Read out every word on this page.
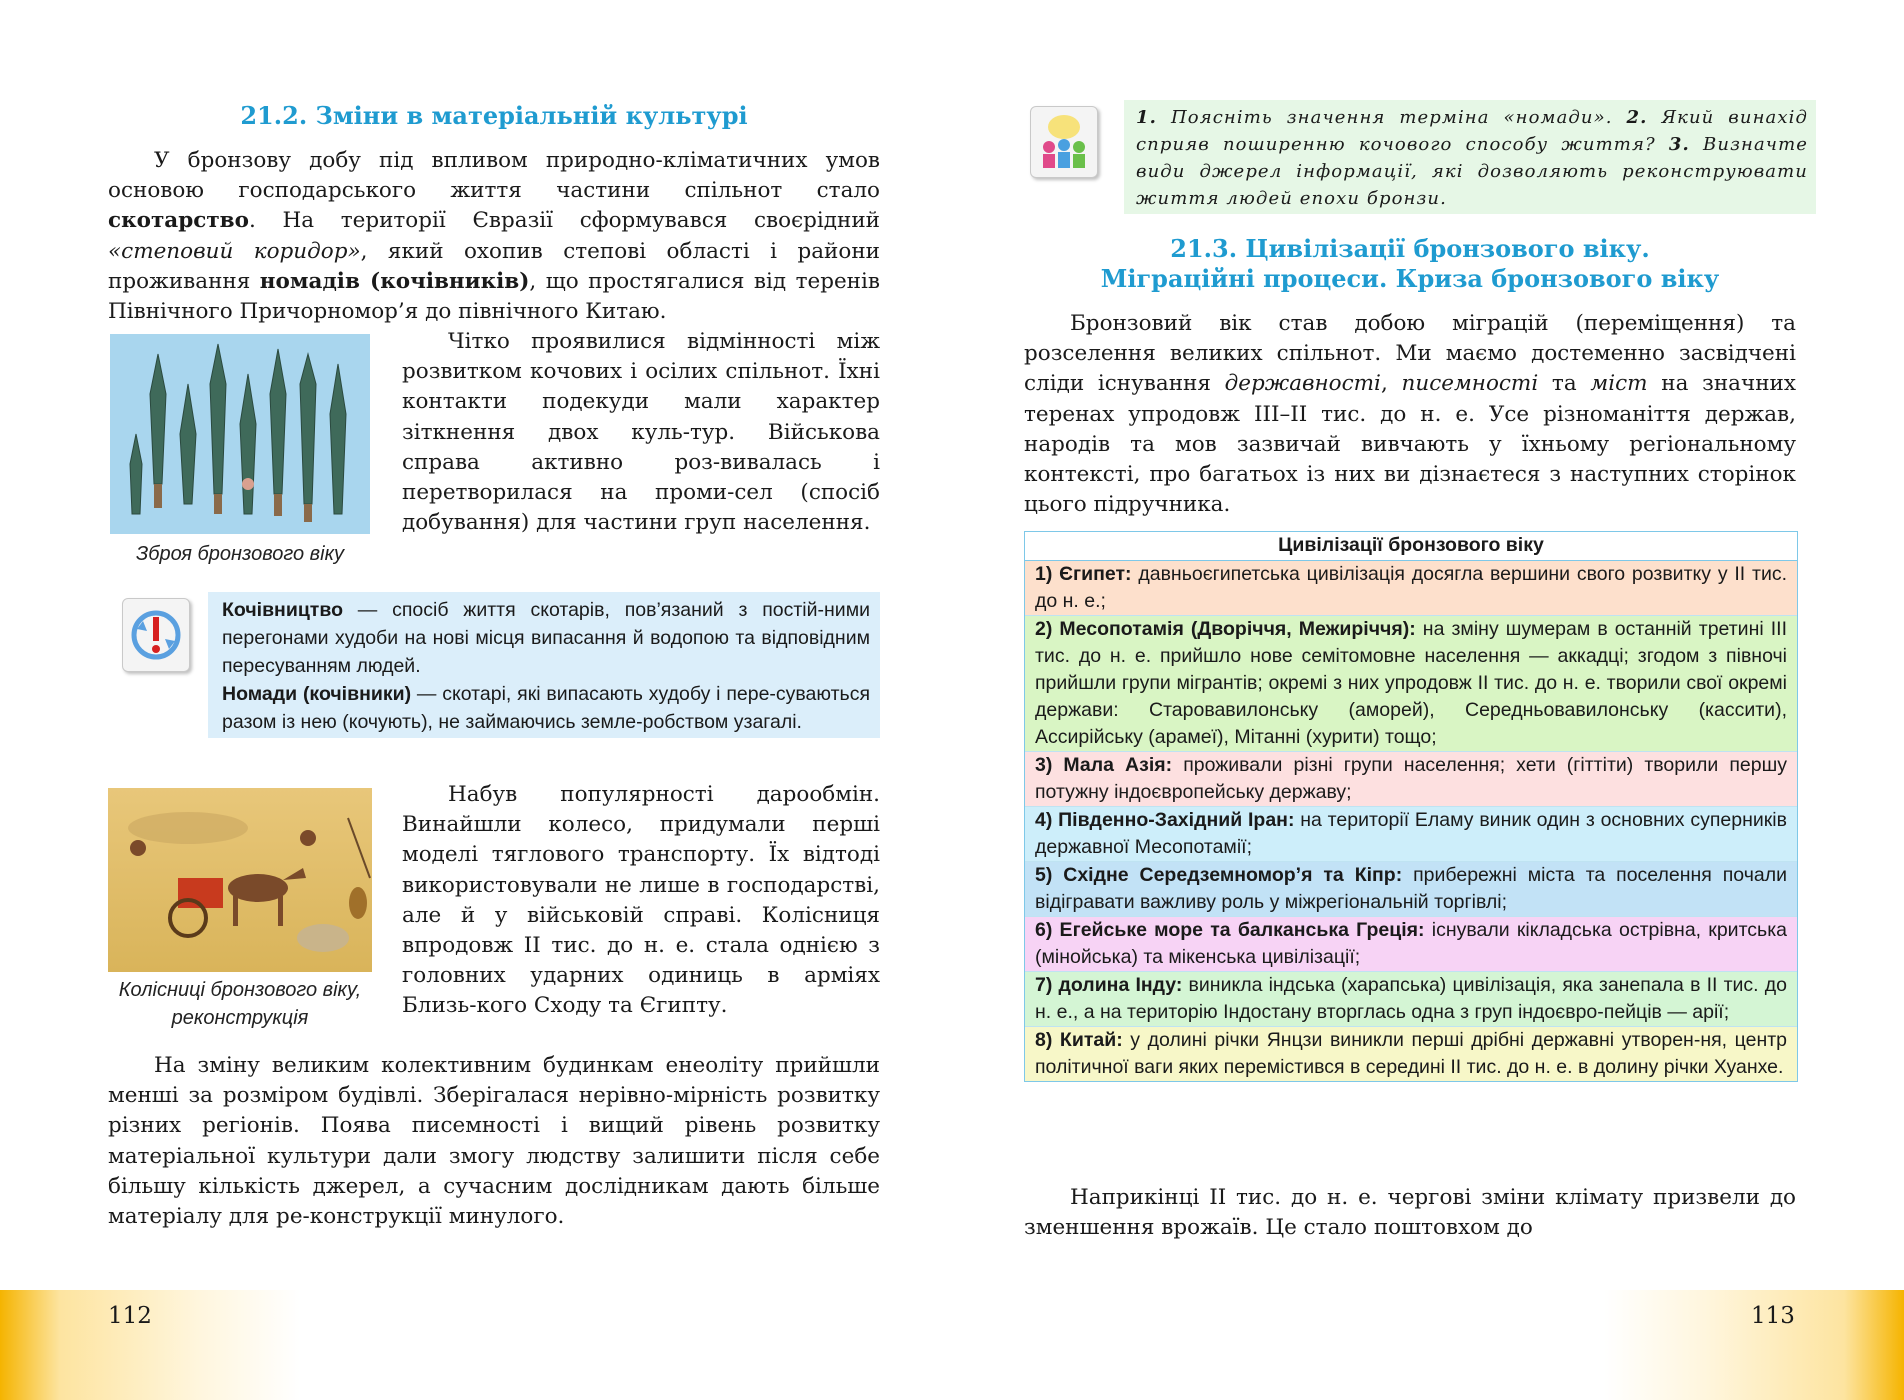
21.2. Зміни в матеріальній культурі

У бронзову добу під впливом природно-кліматичних умов основою господарського життя частини спільнот стало скотарство. На території Євразії сформувався своєрідний «степовий коридор», який охопив степові області і райони проживання номадів (кочівників), що простягалися від теренів Північного Причорномор’я до північного Китаю.

Зброя бронзового віку

Чітко проявилися відмінності між розвитком кочових і осілих спільнот. Їхні контакти подекуди мали характер зіткнення двох куль-тур. Військова справа активно роз-вивалась і перетворилася на проми-сел (спосіб добування) для частини груп населення.

Кочівництво — спосіб життя скотарів, пов’язаний з постій-ними перегонами худоби на нові місця випасання й водопою та відповідним пересуванням людей.
Номади (кочівники) — скотарі, які випасають худобу і пере-суваються разом із нею (кочують), не займаючись земле-робством узагалі.
Колісниці бронзового віку, реконструкція

Набув популярності дарообмін. Винайшли колесо, придумали перші моделі тяглового транспорту. Їх відтоді використовували не лише в господарстві, але й у військовій справі. Колісниця впродовж ІІ тис. до н. е. стала однією з головних ударних одиниць в арміях Близь-кого Сходу та Єгипту.

На зміну великим колективним будинкам енеоліту прийшли менші за розміром будівлі. Зберігалася нерівно-мірність розвитку різних регіонів. Поява писемності і вищий рівень розвитку матеріальної культури дали змогу людству залишити після себе більшу кількість джерел, а сучасним дослідникам дають більше матеріалу для ре-конструкції минулого.

1. Поясніть значення терміна «номади». 2. Який винахід сприяв поширенню кочового способу життя? 3. Визначте види джерел інформації, які дозволяють реконструювати життя людей епохи бронзи.
21.3. Цивілізації бронзового віку.
Міграційні процеси. Криза бронзового віку

Бронзовий вік став добою міграцій (переміщення) та розселення великих спільнот. Ми маємо достеменно засвідчені сліди існування державності, писемності та міст на значних теренах упродовж ІІІ–ІІ тис. до н. е. Усе різноманіття держав, народів та мов зазвичай вивчають у їхньому регіональному контексті, про багатьох із них ви дізнаєтеся з наступних сторінок цього підручника.

Цивілізації бронзового віку
1) Єгипет: давньоєгипетська цивілізація досягла вершини свого розвитку у ІІ тис. до н. е.;
2) Месопотамія (Дворіччя, Межиріччя): на зміну шумерам в останній третині ІІІ тис. до н. е. прийшло нове семітомовне населення — аккадці; згодом з півночі прийшли групи мігрантів; окремі з них упродовж ІІ тис. до н. е. творили свої окремі держави: Старовавилонську (аморей), Середньовавилонську (кассити), Ассирійську (арамеї), Мітанні (хурити) тощо;
3) Мала Азія: проживали різні групи населення; хети (гіттіти) творили першу потужну індоєвропейську державу;
4) Південно-Західний Іран: на території Еламу виник один з основних суперників державної Месопотамії;
5) Східне Середземномор’я та Кіпр: прибережні міста та поселення почали відігравати важливу роль у міжрегіональній торгівлі;
6) Егейське море та балканська Греція: існували кікладська острівна, критська (мінойська) та мікенська цивілізації;
7) долина Інду: виникла індська (харапська) цивілізація, яка занепала в ІІ тис. до н. е., а на територію Індостану вторглась одна з груп індоєвро-пейців — арії;
8) Китай: у долині річки Янцзи виникли перші дрібні державні утворен-ня, центр політичної ваги яких перемістився в середині ІІ тис. до н. е. в долину річки Хуанхе.

Наприкінці ІІ тис. до н. е. чергові зміни клімату призвели до зменшення врожаїв. Це стало поштовхом до

112	113
